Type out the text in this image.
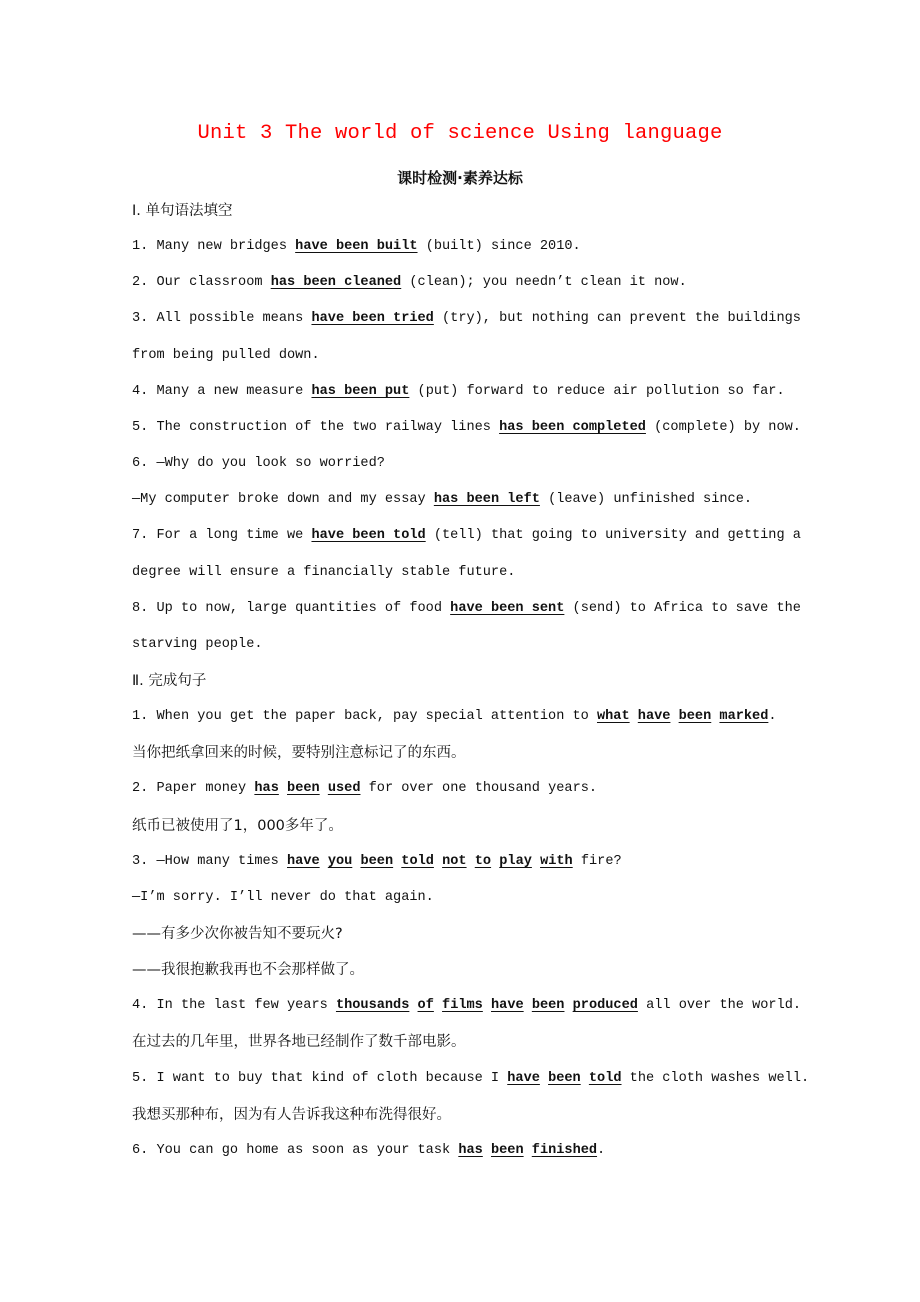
Unit 3 The world of science Using language
课时检测·素养达标
Ⅰ. 单句语法填空
1. Many new bridges have been built (built) since 2010.
2. Our classroom has been cleaned (clean); you needn’t clean it now.
3. All possible means have been tried (try), but nothing can prevent the buildings
from being pulled down.
4. Many a new measure has been put (put) forward to reduce air pollution so far.
5. The construction of the two railway lines has been completed (complete) by now.
6. —Why do you look so worried?
—My computer broke down and my essay has been left (leave) unfinished since.
7. For a long time we have been told (tell) that going to university and getting a
degree will ensure a financially stable future.
8. Up to now, large quantities of food have been sent (send) to Africa to save the
starving people.
Ⅱ. 完成句子
1. When you get the paper back, pay special attention to what have been marked.
当你把纸拿回来的时候，要特别注意标记了的东西。
2. Paper money has been used for over one thousand years.
纸币已被使用了1，000多年了。
3. —How many times have you been told not to play with fire?
—I’m sorry. I’ll never do that again.
——有多少次你被告知不要玩火?
——我很抱歉我再也不会那样做了。
4. In the last few years thousands of films have been produced all over the world.
在过去的几年里，世界各地已经制作了数千部电影。
5. I want to buy that kind of cloth because I have been told the cloth washes well.
我想买那种布，因为有人告诉我这种布洗得很好。
6. You can go home as soon as your task has been finished.
